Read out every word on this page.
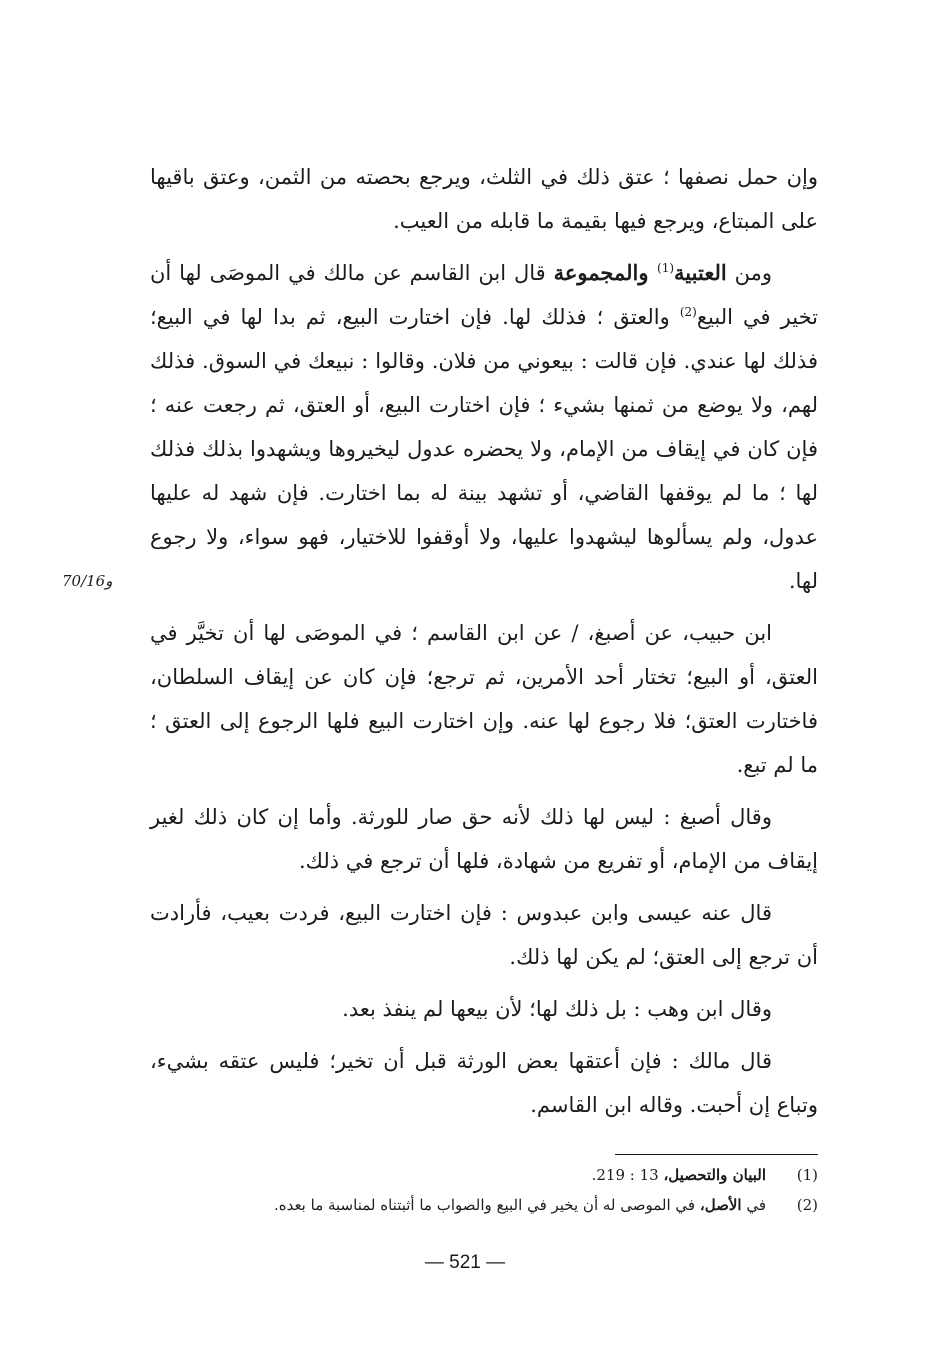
وإن حمل نصفها ؛ عتق ذلك في الثلث، ويرجع بحصته من الثمن، وعتق باقيها على المبتاع، ويرجع فيها بقيمة ما قابله من العيب.

ومن العتبية$^{(1)}$ والمجموعة قال ابن القاسم عن مالك في الموصَى لها أن تخير في البيع$^{(2)}$ والعتق ؛ فذلك لها. فإن اختارت البيع، ثم بدا لها في البيع؛ فذلك لها عندي. فإن قالت : بيعوني من فلان. وقالوا : نبيعك في السوق. فذلك لهم، ولا يوضع من ثمنها بشيء ؛ فإن اختارت البيع، أو العتق، ثم رجعت عنه ؛ فإن كان في إيقاف من الإمام، ولا يحضره عدول ليخيروها ويشهدوا بذلك فذلك لها ؛ ما لم يوقفها القاضي، أو تشهد بينة له بما اختارت. فإن شهد له عليها عدول، ولم يسألوها ليشهدوا عليها، ولا أوقفوا للاختيار، فهو سواء، ولا رجوع لها.

ابن حبيب، عن أصبغ، / عن ابن القاسم ؛ في الموصَى لها أن تخيَّر في العتق، أو البيع؛ تختار أحد الأمرين، ثم ترجع؛ فإن كان عن إيقاف السلطان، فاختارت العتق؛ فلا رجوع لها عنه. وإن اختارت البيع فلها الرجوع إلى العتق ؛ ما لم تبع.

وقال أصبغ : ليس لها ذلك لأنه حق صار للورثة. وأما إن كان ذلك لغير إيقاف من الإمام، أو تفريع من شهادة، فلها أن ترجع في ذلك.

قال عنه عيسى وابن عبدوس : فإن اختارت البيع، فردت بعيب، فأرادت أن ترجع إلى العتق؛ لم يكن لها ذلك.

وقال ابن وهب : بل ذلك لها؛ لأن بيعها لم ينفذ بعد.

قال مالك : فإن أعتقها بعض الورثة قبل أن تخير؛ فليس عتقه بشيء، وتباع إن أحبت. وقاله ابن القاسم.

70/16و
(1)
البيان والتحصيل، 13 : 219.
(2)
في الأصل، في الموصى له أن يخير في البيع والصواب ما أثبتناه لمناسبة ما بعده.
— 521 —
